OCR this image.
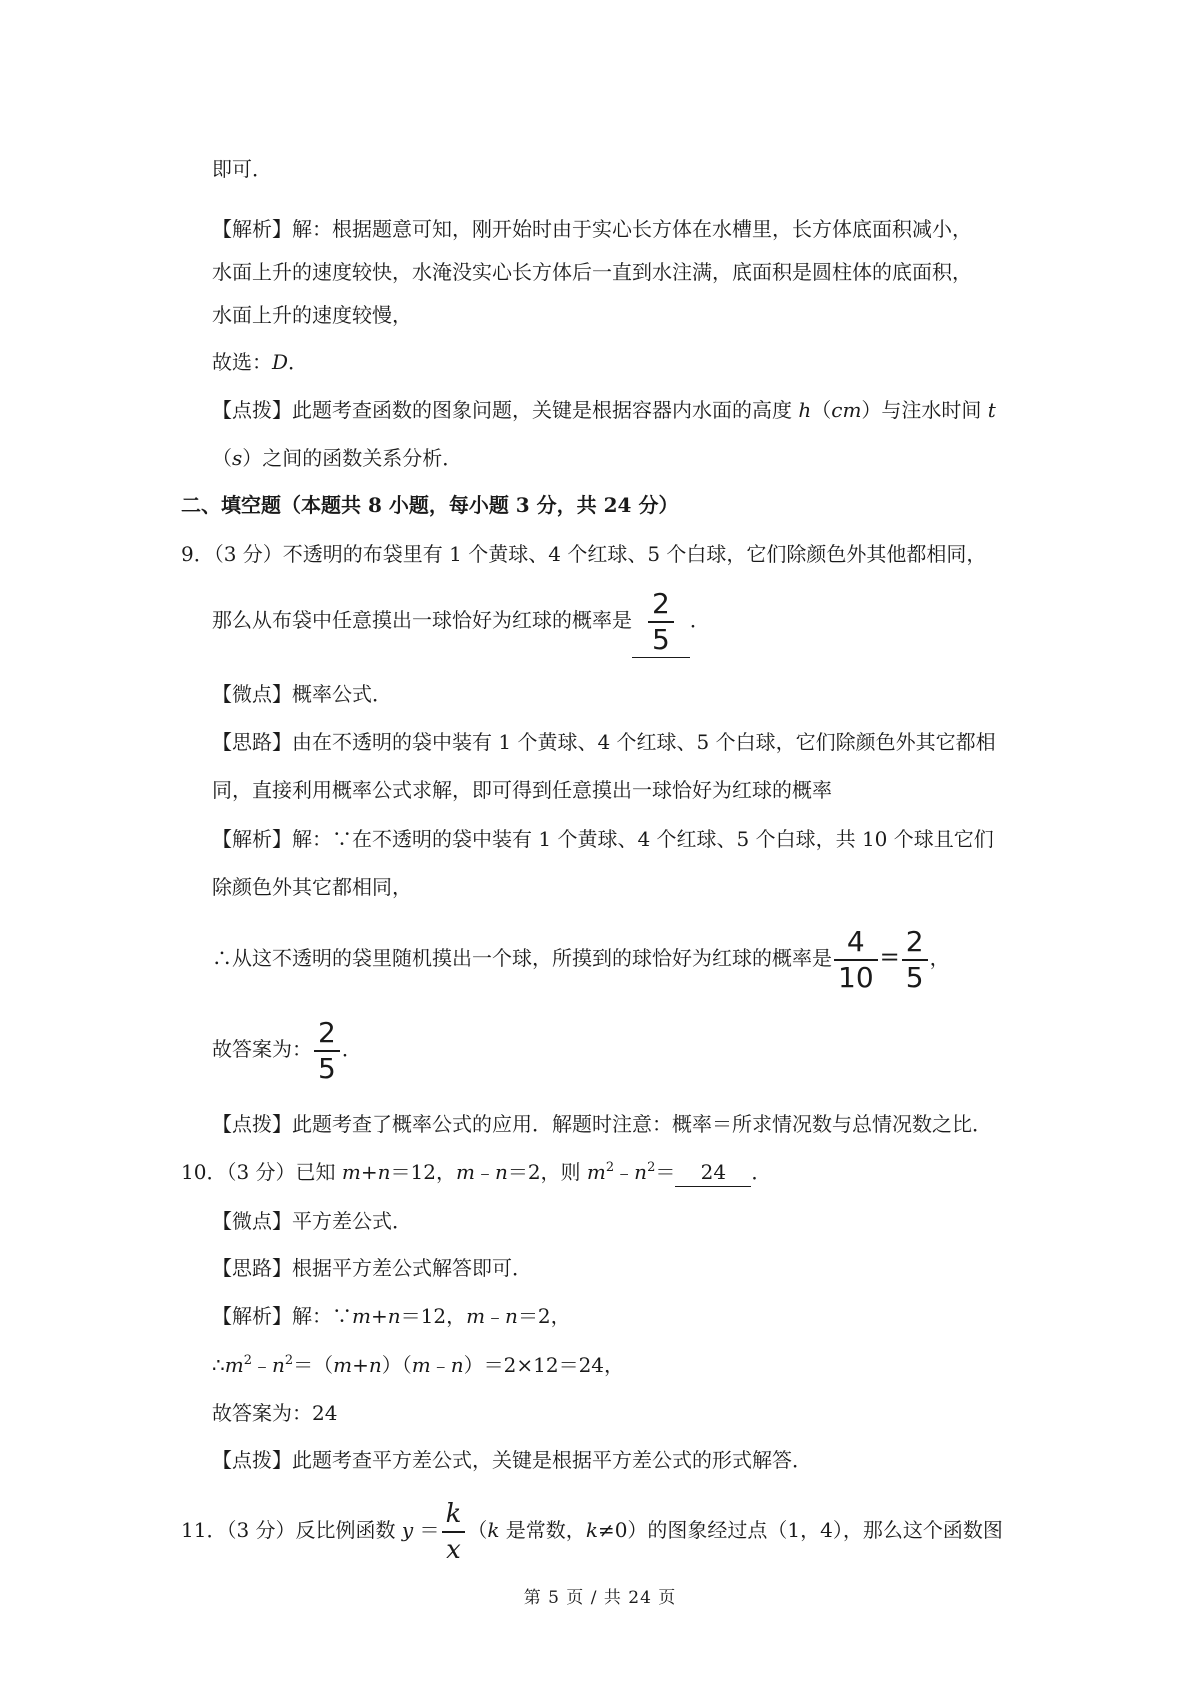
即可．
【解析】解：根据题意可知，刚开始时由于实心长方体在水槽里，长方体底面积减小，
水面上升的速度较快，水淹没实心长方体后一直到水注满，底面积是圆柱体的底面积，
水面上升的速度较慢，
故选：D．
【点拨】此题考查函数的图象问题，关键是根据容器内水面的高度 h（cm）与注水时间 t
（s）之间的函数关系分析．
二、填空题（本题共 8 小题，每小题 3 分，共 24 分）
9．（3 分）不透明的布袋里有 1 个黄球、4 个红球、5 个白球，它们除颜色外其他都相同，
那么从布袋中任意摸出一球恰好为红球的概率是 $\frac{2}{5}$ ．
【微点】概率公式．
【思路】由在不透明的袋中装有 1 个黄球、4 个红球、5 个白球，它们除颜色外其它都相
同，直接利用概率公式求解，即可得到任意摸出一球恰好为红球的概率
【解析】解：∵在不透明的袋中装有 1 个黄球、4 个红球、5 个白球，共 10 个球且它们
除颜色外其它都相同，
∴从这不透明的袋里随机摸出一个球，所摸到的球恰好为红球的概率是 $\frac{4}{10} = \frac{2}{5}$ ，
故答案为： $\frac{2}{5}$ ．
【点拨】此题考查了概率公式的应用．解题时注意：概率＝所求情况数与总情况数之比．
10．（3 分）已知 m+n＝12，m﹣n＝2，则 $m^2﹣n^2= 24$ ．
【微点】平方差公式．
【思路】根据平方差公式解答即可．
【解析】解：∵m+n＝12，m﹣n＝2，
$\therefore m^2﹣n^2=(m+n)(m﹣n)=2\times 12=24$，
故答案为：24
【点拨】此题考查平方差公式，关键是根据平方差公式的形式解答．
11．（3 分）反比例函数 $y = \frac{k}{x} (k$ 是常数，k≠0）的图象经过点（1，4），那么这个函数图
第 5 页 / 共 24 页
